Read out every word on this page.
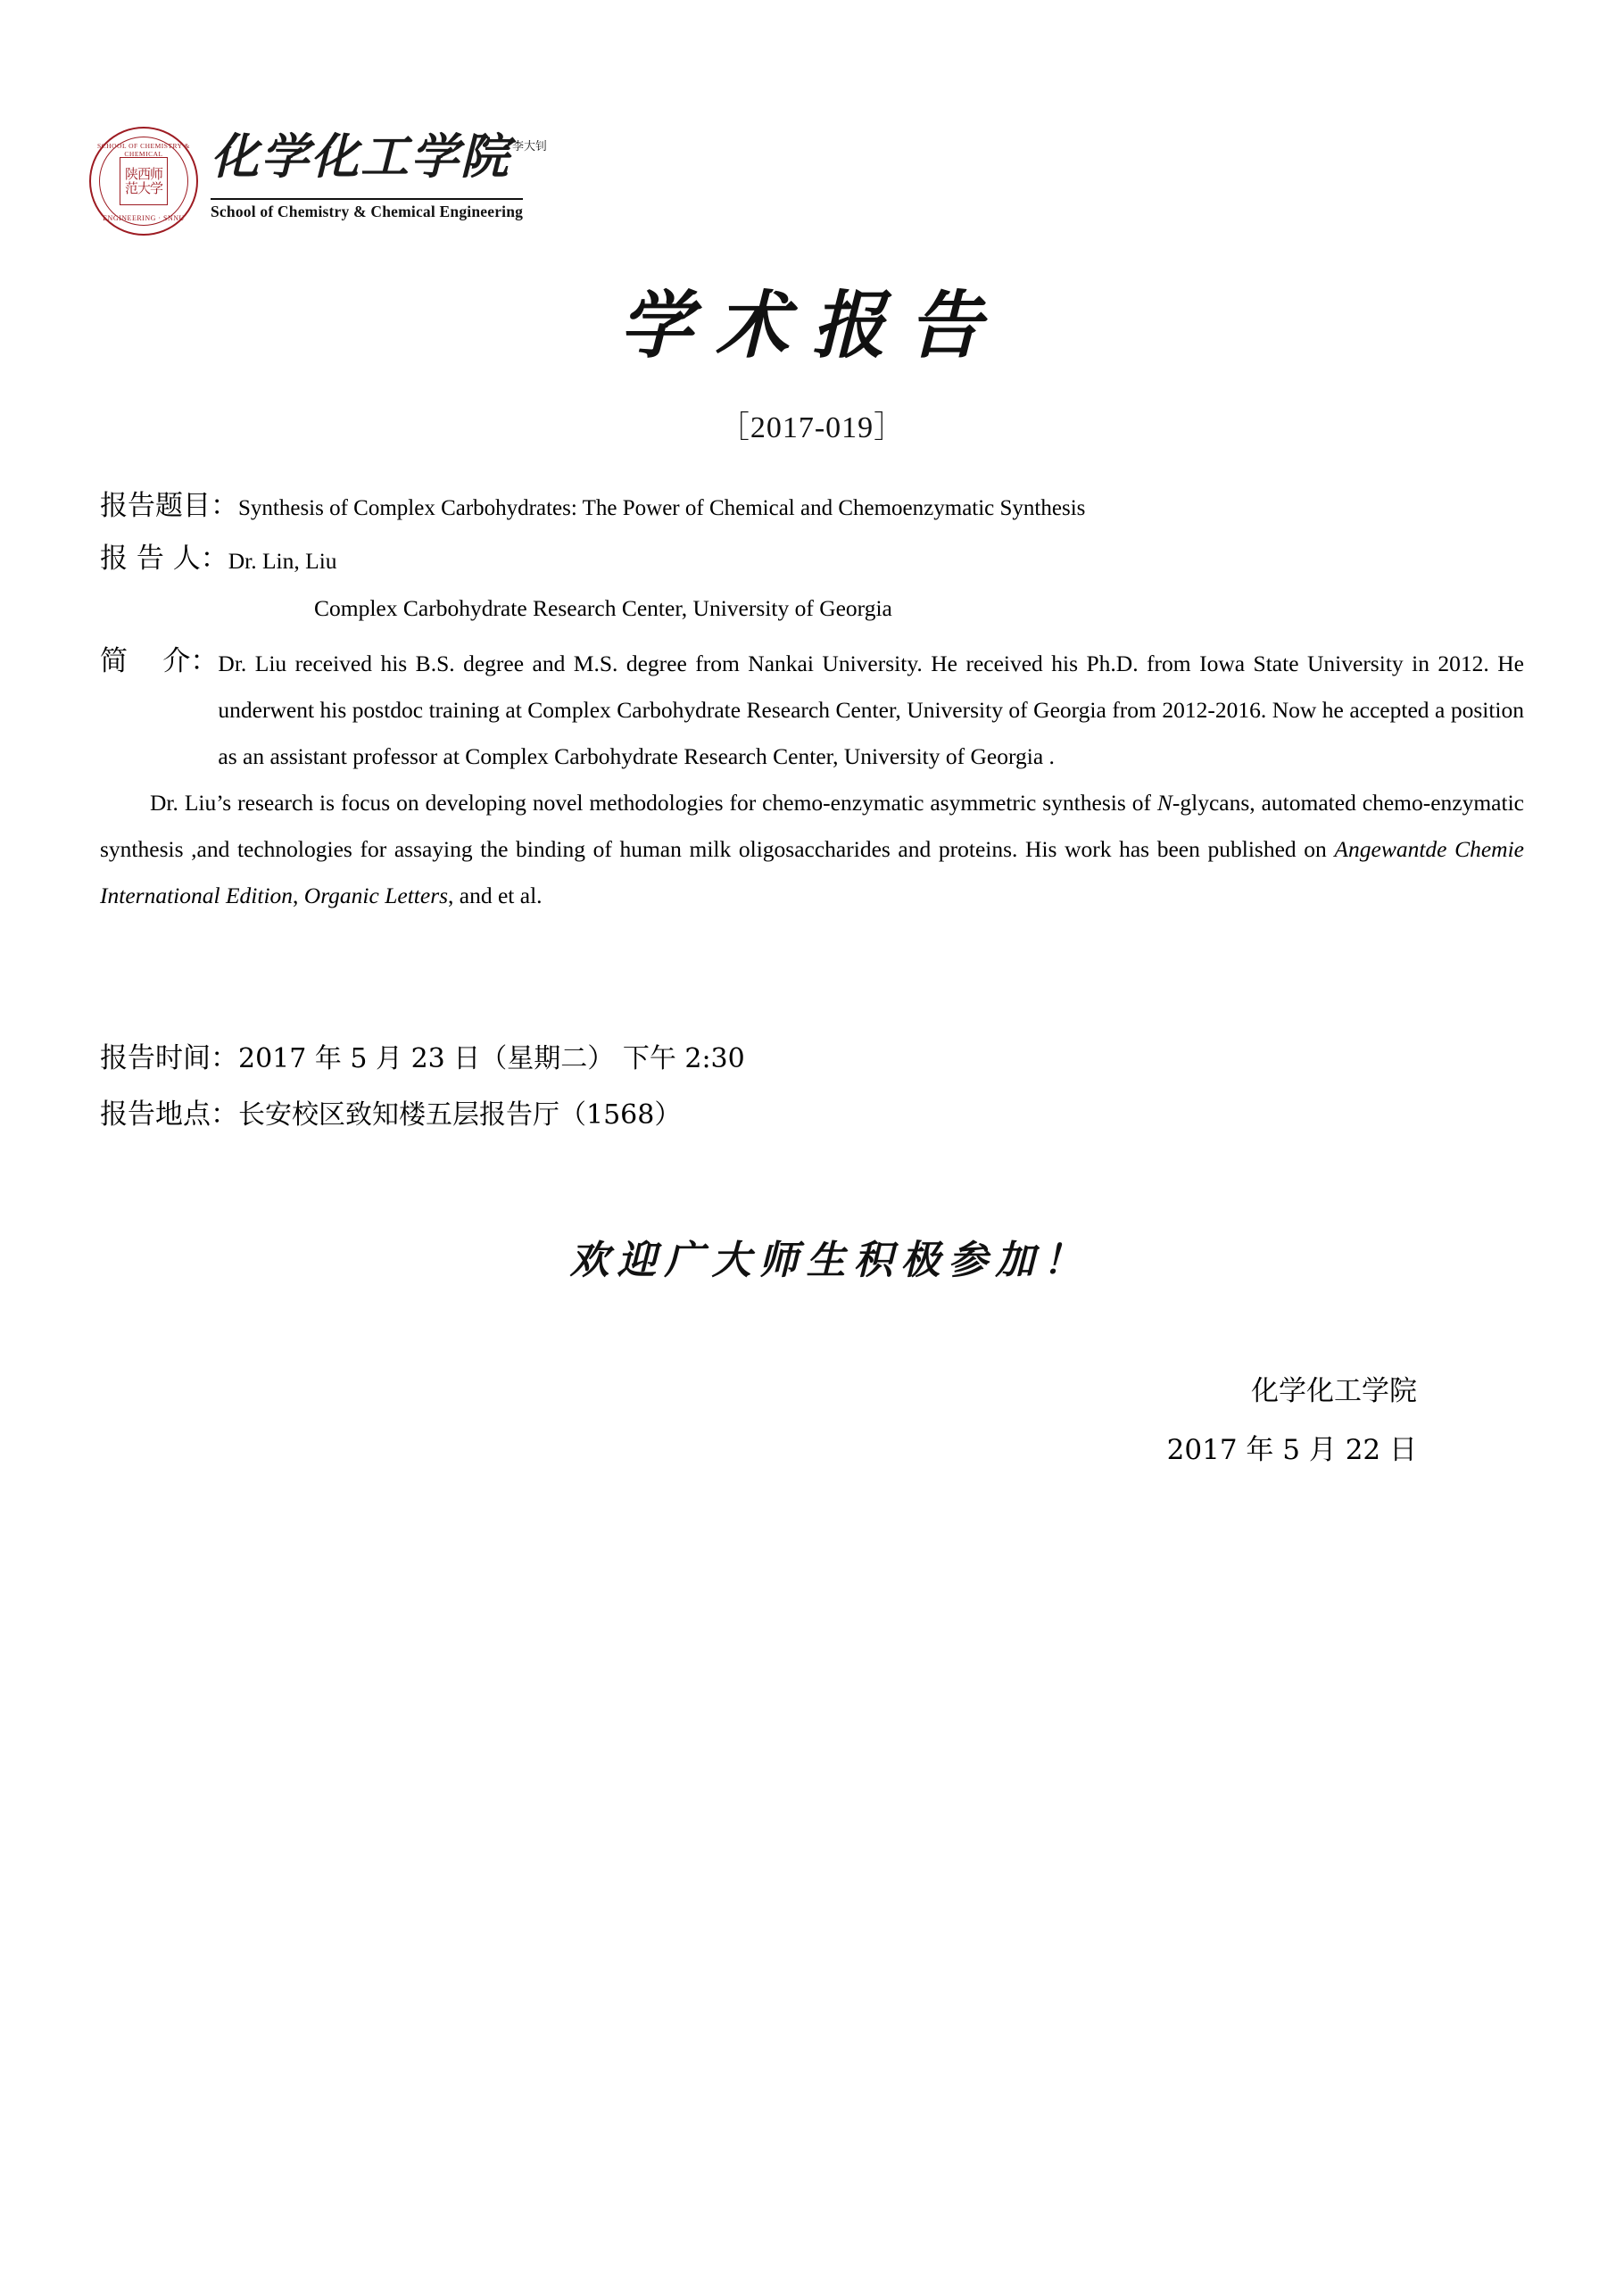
SCHOOL OF CHEMISTRY & CHEMICAL
陕西师范大学
ENGINEERING · SNNU
化学化工学院 $^{李大钊}$
School of Chemistry & Chemical Engineering
学术报告
［2017-019］
报告题目： Synthesis of Complex Carbohydrates: The Power of Chemical and Chemoenzymatic Synthesis
报 告 人： Dr. Lin, Liu
Complex Carbohydrate Research Center, University of Georgia
简    介： Dr. Liu received his B.S. degree and M.S. degree from Nankai University. He received his Ph.D. from Iowa State University in 2012. He underwent his postdoc training at Complex Carbohydrate Research Center, University of Georgia from 2012-2016. Now he accepted a position as an assistant professor at Complex Carbohydrate Research Center, University of Georgia .

Dr. Liu’s research is focus on developing novel methodologies for chemo-enzymatic asymmetric synthesis of N-glycans, automated chemo-enzymatic synthesis ,and technologies for assaying the binding of human milk oligosaccharides and proteins. His work has been published on Angewantde Chemie International Edition, Organic Letters, and et al.

报告时间： 2017 年 5 月 23 日（星期二） 下午 2:30
报告地点： 长安校区致知楼五层报告厅（1568）
欢迎广大师生积极参加！
化学化工学院
2017 年 5 月 22 日
